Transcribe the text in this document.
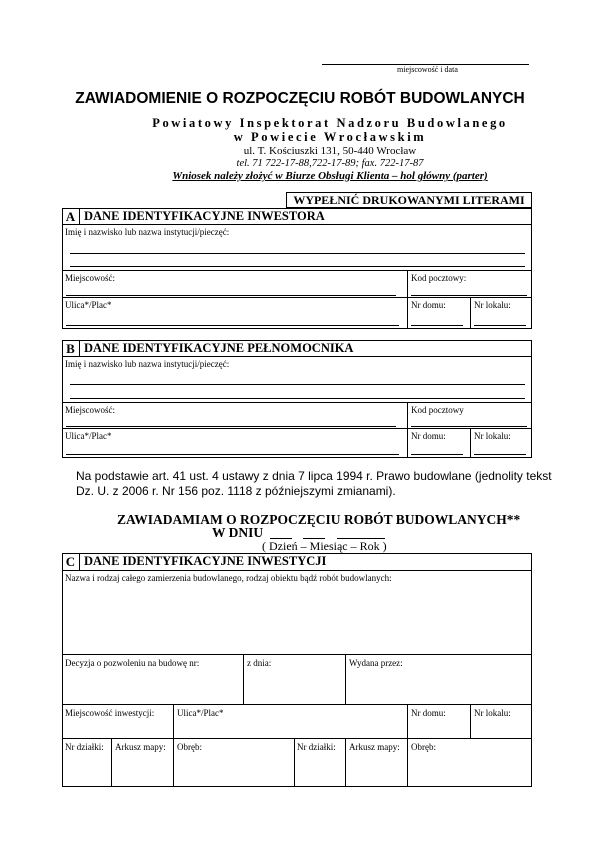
miejscowość i data
ZAWIADOMIENIE O ROZPOCZĘCIU ROBÓT BUDOWLANYCH
Powiatowy Inspektorat Nadzoru Budowlanego
w Powiecie Wrocławskim
ul. T. Kościuszki 131, 50-440 Wrocław
tel. 71 722-17-88,722-17-89; fax. 722-17-87
Wniosek należy złożyć w Biurze Obsługi Klienta – hol główny (parter)
WYPEŁNIĆ DRUKOWANYMI LITERAMI
A DANE IDENTYFIKACYJNE INWESTORA
Imię i nazwisko lub nazwa instytucji/pieczęć:
Miejscowość:	Kod pocztowy:
Ulica*/Plac*	Nr domu:	Nr lokalu:
B DANE IDENTYFIKACYJNE PEŁNOMOCNIKA
Imię i nazwisko lub nazwa instytucji/pieczęć:
Miejscowość:	Kod pocztowy
Ulica*/Plac*	Nr domu:	Nr lokalu:
Na podstawie art. 41 ust. 4 ustawy z dnia 7 lipca 1994 r. Prawo budowlane (jednolity tekst
Dz. U. z 2006 r. Nr 156 poz. 1118 z późniejszymi zmianami).
ZAWIADAMIAM O ROZPOCZĘCIU ROBÓT BUDOWLANYCH**
W DNIU
( Dzień – Miesiąc – Rok )
C DANE IDENTYFIKACYJNE INWESTYCJI
Nazwa i rodzaj całego zamierzenia budowlanego, rodzaj obiektu bądź robót budowlanych:
Decyzja o pozwoleniu na budowę nr:	z dnia:	Wydana przez:
Miejscowość inwestycji:	Ulica*/Plac*	Nr domu:	Nr lokalu:
Nr działki: Arkusz mapy: Obręb:	Nr działki: Arkusz mapy: Obręb:
